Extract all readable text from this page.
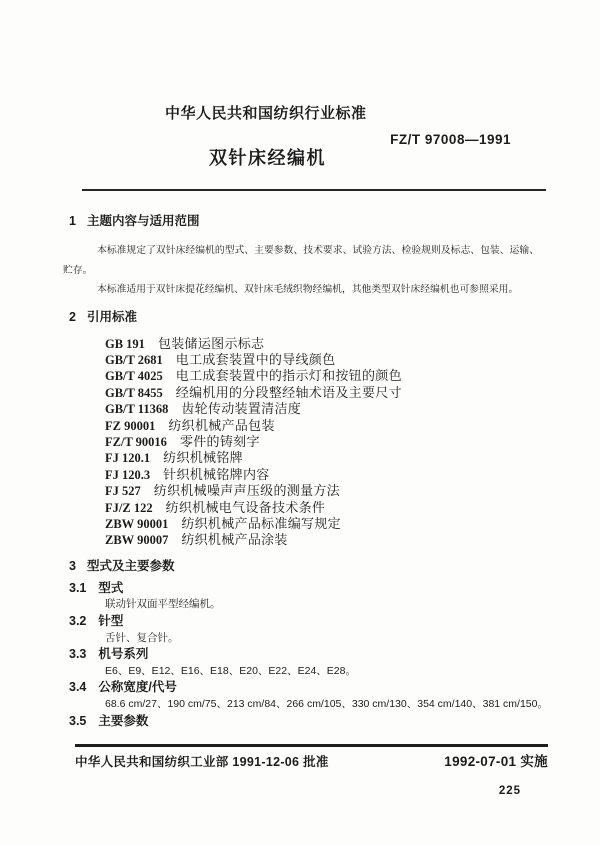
中华人民共和国纺织行业标准
FZ/T 97008—1991
双针床经编机
1 主题内容与适用范围

本标准规定了双针床经编机的型式、主要参数、技术要求、试验方法、检验规则及标志、包装、运输、贮存。

本标准适用于双针床提花经编机、双针床毛绒织物经编机，其他类型双针床经编机也可参照采用。

2 引用标准
GB 191 包装储运图示标志
GB/T 2681 电工成套装置中的导线颜色
GB/T 4025 电工成套装置中的指示灯和按钮的颜色
GB/T 8455 经编机用的分段整经轴术语及主要尺寸
GB/T 11368 齿轮传动装置清洁度
FZ 90001 纺织机械产品包装
FZ/T 90016 零件的铸刻字
FJ 120.1 纺织机械铭牌
FJ 120.3 针织机械铭牌内容
FJ 527 纺织机械噪声声压级的测量方法
FJ/Z 122 纺织机械电气设备技术条件
ZBW 90001 纺织机械产品标准编写规定
ZBW 90007 纺织机械产品涂装
3 型式及主要参数
3.1 型式
联动针双面平型经编机。
3.2 针型
舌针、复合针。
3.3 机号系列
E6、E9、E12、E16、E18、E20、E22、E24、E28。
3.4 公称宽度/代号
68.6 cm/27、190 cm/75、213 cm/84、266 cm/105、330 cm/130、354 cm/140、381 cm/150。
3.5 主要参数
中华人民共和国纺织工业部 1991-12-06 批准	1992-07-01 实施
225
